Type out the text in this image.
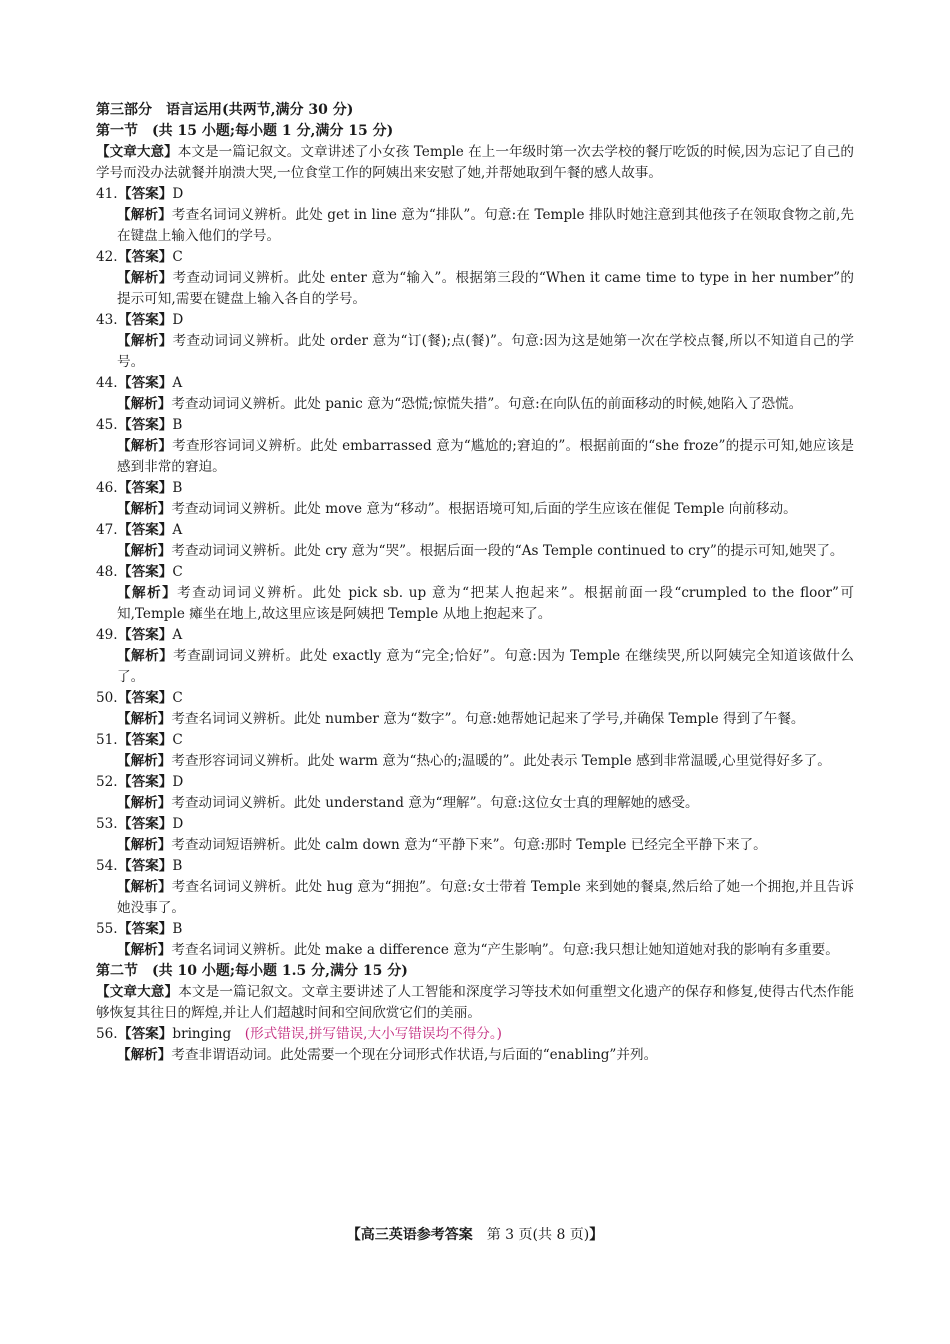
第三部分　语言运用(共两节,满分 30 分)
第一节　(共 15 小题;每小题 1 分,满分 15 分)
【文章大意】本文是一篇记叙文。文章讲述了小女孩 Temple 在上一年级时第一次去学校的餐厅吃饭的时候,因为忘记了自己的学号而没办法就餐并崩溃大哭,一位食堂工作的阿姨出来安慰了她,并帮她取到午餐的感人故事。
41.【答案】D
【解析】考查名词词义辨析。此处 get in line 意为“排队”。句意:在 Temple 排队时她注意到其他孩子在领取食物之前,先在键盘上输入他们的学号。
42.【答案】C
【解析】考查动词词义辨析。此处 enter 意为“输入”。根据第三段的“When it came time to type in her number”的提示可知,需要在键盘上输入各自的学号。
43.【答案】D
【解析】考查动词词义辨析。此处 order 意为“订(餐);点(餐)”。句意:因为这是她第一次在学校点餐,所以不知道自己的学号。
44.【答案】A
【解析】考查动词词义辨析。此处 panic 意为“恐慌;惊慌失措”。句意:在向队伍的前面移动的时候,她陷入了恐慌。
45.【答案】B
【解析】考查形容词词义辨析。此处 embarrassed 意为“尴尬的;窘迫的”。根据前面的“she froze”的提示可知,她应该是感到非常的窘迫。
46.【答案】B
【解析】考查动词词义辨析。此处 move 意为“移动”。根据语境可知,后面的学生应该在催促 Temple 向前移动。
47.【答案】A
【解析】考查动词词义辨析。此处 cry 意为“哭”。根据后面一段的“As Temple continued to cry”的提示可知,她哭了。
48.【答案】C
【解析】考查动词词义辨析。此处 pick sb. up 意为“把某人抱起来”。根据前面一段“crumpled to the floor”可知,Temple 瘫坐在地上,故这里应该是阿姨把 Temple 从地上抱起来了。
49.【答案】A
【解析】考查副词词义辨析。此处 exactly 意为“完全;恰好”。句意:因为 Temple 在继续哭,所以阿姨完全知道该做什么了。
50.【答案】C
【解析】考查名词词义辨析。此处 number 意为“数字”。句意:她帮她记起来了学号,并确保 Temple 得到了午餐。
51.【答案】C
【解析】考查形容词词义辨析。此处 warm 意为“热心的;温暖的”。此处表示 Temple 感到非常温暖,心里觉得好多了。
52.【答案】D
【解析】考查动词词义辨析。此处 understand 意为“理解”。句意:这位女士真的理解她的感受。
53.【答案】D
【解析】考查动词短语辨析。此处 calm down 意为“平静下来”。句意:那时 Temple 已经完全平静下来了。
54.【答案】B
【解析】考查名词词义辨析。此处 hug 意为“拥抱”。句意:女士带着 Temple 来到她的餐桌,然后给了她一个拥抱,并且告诉她没事了。
55.【答案】B
【解析】考查名词词义辨析。此处 make a difference 意为“产生影响”。句意:我只想让她知道她对我的影响有多重要。
第二节　(共 10 小题;每小题 1.5 分,满分 15 分)
【文章大意】本文是一篇记叙文。文章主要讲述了人工智能和深度学习等技术如何重塑文化遗产的保存和修复,使得古代杰作能够恢复其往日的辉煌,并让人们超越时间和空间欣赏它们的美丽。
56.【答案】bringing　 (形式错误,拼写错误,大小写错误均不得分。)
【解析】考查非谓语动词。此处需要一个现在分词形式作状语,与后面的“enabling”并列。
【高三英语参考答案　 第 3 页(共 8 页)】
